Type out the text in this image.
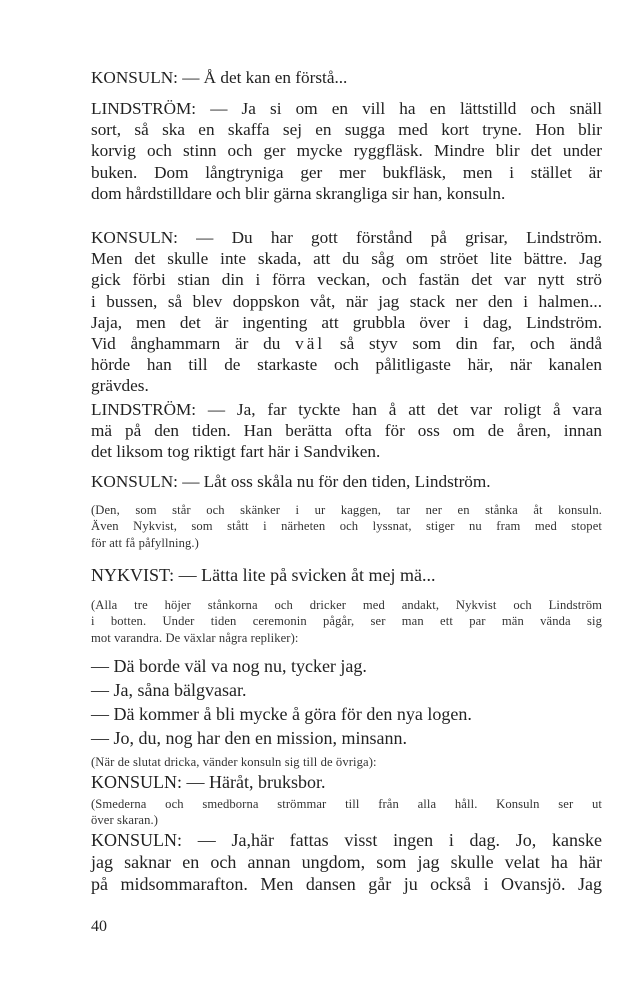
KONSULN: — Å det kan en förstå...
LINDSTRÖM: — Ja si om en vill ha en lättstilld och snäll
sort, så ska en skaffa sej en sugga med kort tryne. Hon blir
korvig och stinn och ger mycke ryggfläsk. Mindre blir det under
buken. Dom långtryniga ger mer bukfläsk, men i stället är
dom hårdstilldare och blir gärna skrangliga sir han, konsuln.
KONSULN: — Du har gott förstånd på grisar, Lindström.
Men det skulle inte skada, att du såg om ströet lite bättre. Jag
gick förbi stian din i förra veckan, och fastän det var nytt strö
i bussen, så blev doppskon våt, när jag stack ner den i halmen...
Jaja, men det är ingenting att grubbla över i dag, Lindström.
Vid ånghammarn är du väl så styv som din far, och ändå
hörde han till de starkaste och pålitligaste här, när kanalen
grävdes.
LINDSTRÖM: — Ja, far tyckte han å att det var roligt å vara
mä på den tiden. Han berätta ofta för oss om de åren, innan
det liksom tog riktigt fart här i Sandviken.
KONSULN: — Låt oss skåla nu för den tiden, Lindström.
(Den, som står och skänker i ur kaggen, tar ner en stånka åt konsuln.
Även Nykvist, som stått i närheten och lyssnat, stiger nu fram med stopet
för att få påfyllning.)
NYKVIST: — Lätta lite på svicken åt mej mä...
(Alla tre höjer stånkorna och dricker med andakt, Nykvist och Lindström
i botten. Under tiden ceremonin pågår, ser man ett par män vända sig
mot varandra. De växlar några repliker):
— Dä borde väl va nog nu, tycker jag.
— Ja, såna bälgvasar.
— Dä kommer å bli mycke å göra för den nya logen.
— Jo, du, nog har den en mission, minsann.
(När de slutat dricka, vänder konsuln sig till de övriga):
KONSULN: — Häråt, bruksbor.
(Smederna och smedborna strömmar till från alla håll. Konsuln ser ut
över skaran.)
KONSULN: — Ja,här fattas visst ingen i dag. Jo, kanske
jag saknar en och annan ungdom, som jag skulle velat ha här
på midsommarafton. Men dansen går ju också i Ovansjö. Jag
40
